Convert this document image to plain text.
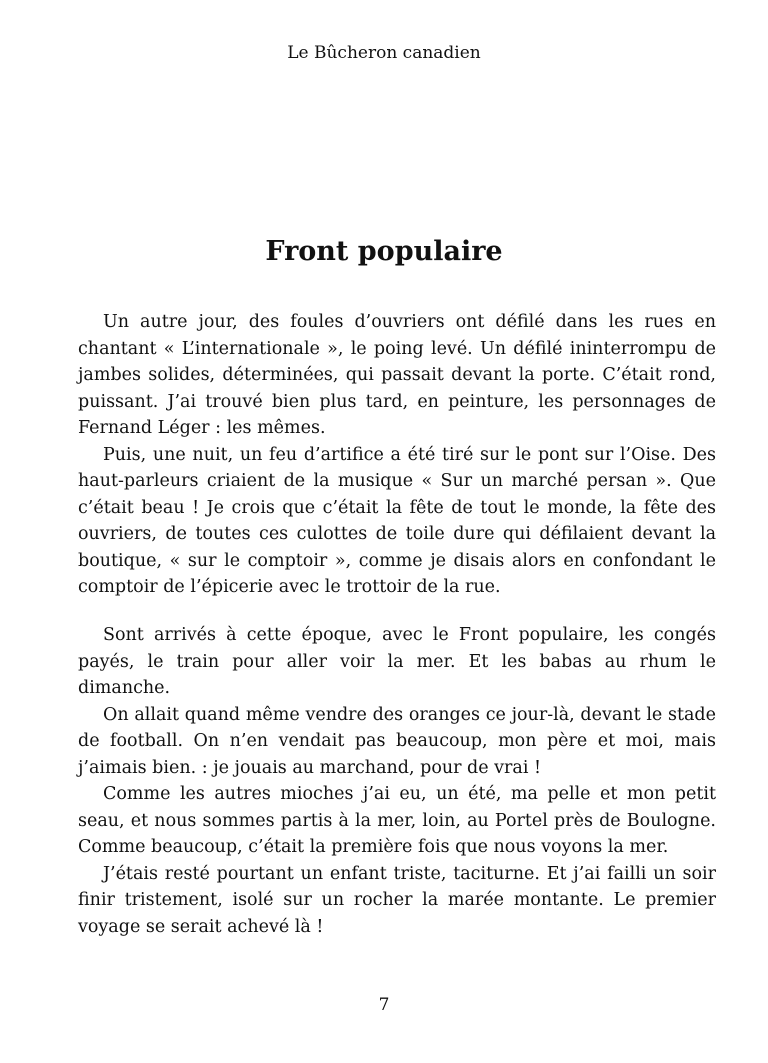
Le Bûcheron canadien
Front populaire

Un autre jour, des foules d’ouvriers ont défilé dans les rues en chantant « L’internationale », le poing levé. Un défilé ininterrompu de jambes solides, déterminées, qui passait devant la porte. C’était rond, puissant. J’ai trouvé bien plus tard, en peinture, les personnages de Fernand Léger : les mêmes.

Puis, une nuit, un feu d’artifice a été tiré sur le pont sur l’Oise. Des haut-parleurs criaient de la musique « Sur un marché persan ». Que c’était beau ! Je crois que c’était la fête de tout le monde, la fête des ouvriers, de toutes ces culottes de toile dure qui défilaient devant la boutique, « sur le comptoir », comme je disais alors en confondant le comptoir de l’épicerie avec le trottoir de la rue.

Sont arrivés à cette époque, avec le Front populaire, les congés payés, le train pour aller voir la mer. Et les babas au rhum le dimanche.

On allait quand même vendre des oranges ce jour-là, devant le stade de football. On n’en vendait pas beaucoup, mon père et moi, mais j’aimais bien. : je jouais au marchand, pour de vrai !

Comme les autres mioches j’ai eu, un été, ma pelle et mon petit seau, et nous sommes partis à la mer, loin, au Portel près de Boulogne. Comme beaucoup, c’était la première fois que nous voyons la mer.

J’étais resté pourtant un enfant triste, taciturne. Et j’ai failli un soir finir tristement, isolé sur un rocher la marée montante. Le premier voyage se serait achevé là !

7
